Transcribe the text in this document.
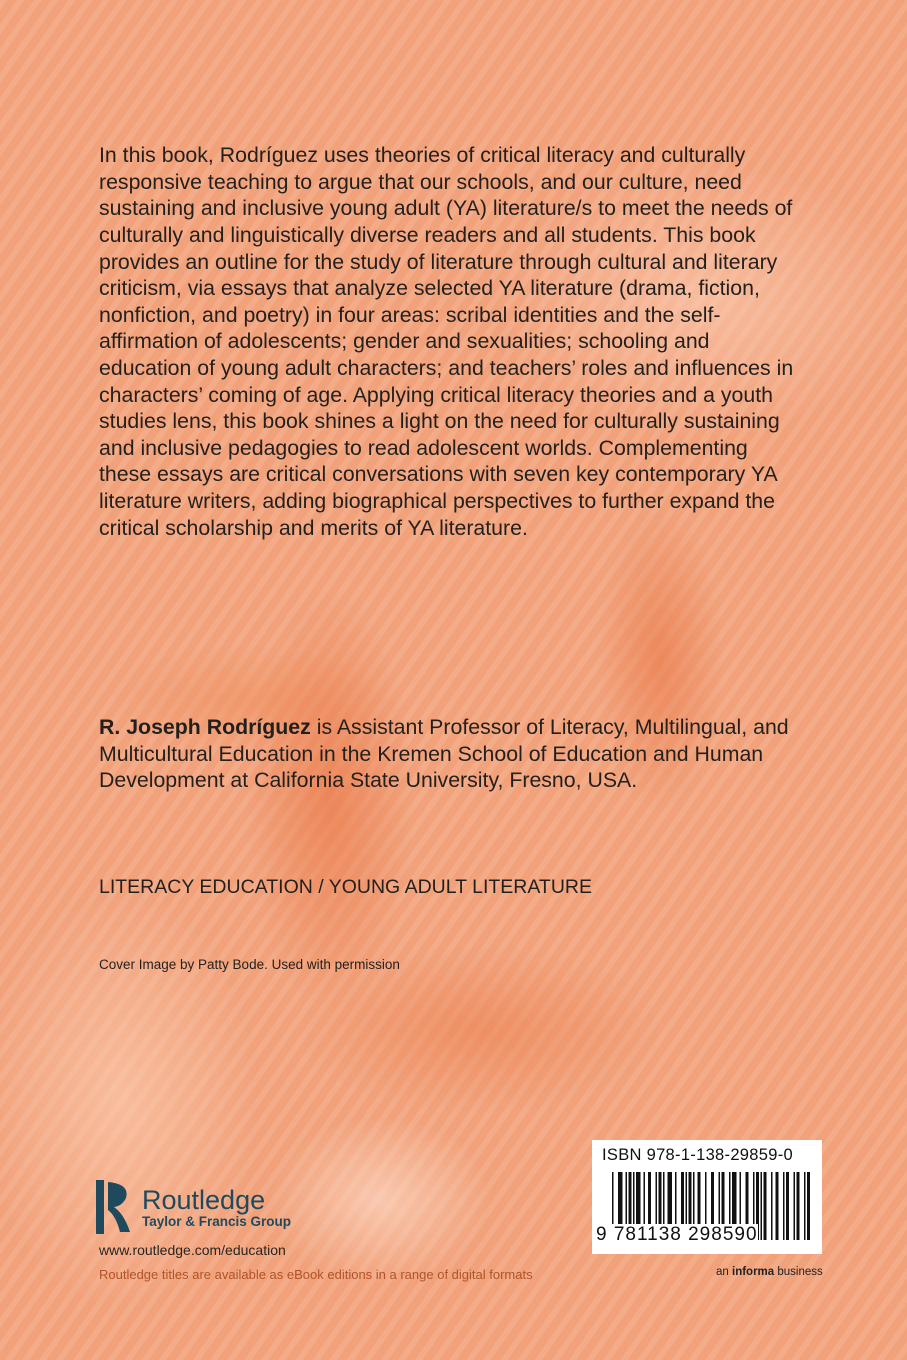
In this book, Rodríguez uses theories of critical literacy and culturally responsive teaching to argue that our schools, and our culture, need sustaining and inclusive young adult (YA) literature/s to meet the needs of culturally and linguistically diverse readers and all students. This book provides an outline for the study of literature through cultural and literary criticism, via essays that analyze selected YA literature (drama, fiction, nonfiction, and poetry) in four areas: scribal identities and the self-affirmation of adolescents; gender and sexualities; schooling and education of young adult characters; and teachers’ roles and influences in characters’ coming of age. Applying critical literacy theories and a youth studies lens, this book shines a light on the need for culturally sustaining and inclusive pedagogies to read adolescent worlds. Complementing these essays are critical conversations with seven key contemporary YA literature writers, adding biographical perspectives to further expand the critical scholarship and merits of YA literature.

R. Joseph Rodríguez is Assistant Professor of Literacy, Multilingual, and Multicultural Education in the Kremen School of Education and Human Development at California State University, Fresno, USA.

LITERACY EDUCATION / YOUNG ADULT LITERATURE
Cover Image by Patty Bode. Used with permission
Routledge
Taylor & Francis Group
www.routledge.com/education
Routledge titles are available as eBook editions in a range of digital formats
ISBN 978-1-138-29859-0
9 781138 298590
an informa business
